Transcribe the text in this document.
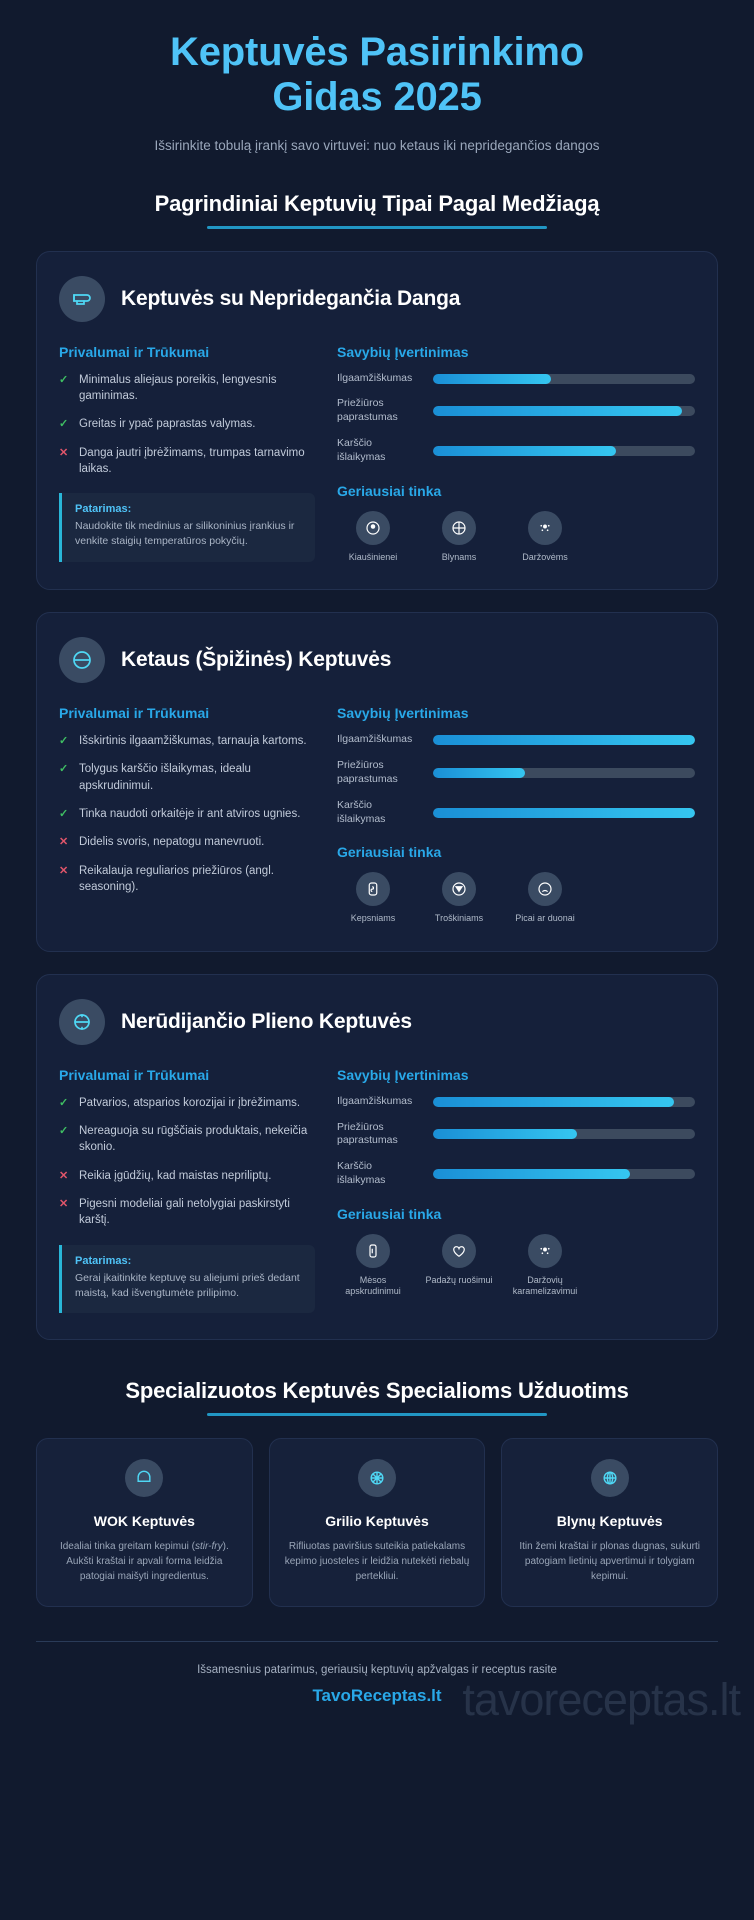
Keptuvės Pasirinkimo
Gidas 2025

Išsirinkite tobulą įrankį savo virtuvei: nuo ketaus iki nepridegančios dangos

Pagrindiniai Keptuvių Tipai Pagal Medžiagą
Keptuvės su Nepridegančia Danga
Privalumai ir Trūkumai
✓ Minimalus aliejaus poreikis, lengvesnis gaminimas.
✓ Greitas ir ypač paprastas valymas.
✕ Danga jautri įbrėžimams, trumpas tarnavimo laikas.
Patarimas:
Naudokite tik medinius ar silikoninius įrankius ir venkite staigių temperatūros pokyčių.
Savybių Įvertinimas
Ilgaamžiškumas
Priežiūros paprastumas
Karščio išlaikymas
Geriausiai tinka
Kiaušinienei	Blynams	Daržovėms
Ketaus (Špižinės) Keptuvės
Privalumai ir Trūkumai
✓ Išskirtinis ilgaamžiškumas, tarnauja kartoms.
✓ Tolygus karščio išlaikymas, idealu apskrudinimui.
✓ Tinka naudoti orkaitėje ir ant atviros ugnies.
✕ Didelis svoris, nepatogu manevruoti.
✕ Reikalauja reguliarios priežiūros (angl. seasoning).
Savybių Įvertinimas
Ilgaamžiškumas
Priežiūros paprastumas
Karščio išlaikymas
Geriausiai tinka
Kepsniams	Troškiniams	Picai ar duonai
Nerūdijančio Plieno Keptuvės
Privalumai ir Trūkumai
✓ Patvarios, atsparios korozijai ir įbrėžimams.
✓ Nereaguoja su rūgščiais produktais, nekeičia skonio.
✕ Reikia įgūdžių, kad maistas nepriliptų.
✕ Pigesni modeliai gali netolygiai paskirstyti karštį.
Patarimas:
Gerai įkaitinkite keptuvę su aliejumi prieš dedant maistą, kad išvengtumėte prilipimo.
Savybių Įvertinimas
Ilgaamžiškumas
Priežiūros paprastumas
Karščio išlaikymas
Geriausiai tinka
Mėsos apskrudinimui
Padažų ruošimui	Daržovių karamelizavimui
Specializuotos Keptuvės Specialioms Užduotims
WOK Keptuvės
Idealiai tinka greitam kepimui (stir-fry). Aukšti kraštai ir apvali forma leidžia patogiai maišyti ingredientus.
Grilio Keptuvės
Rifliuotas paviršius suteikia patiekalams kepimo juosteles ir leidžia nutekėti riebalų pertekliui.
Blynų Keptuvės
Itin žemi kraštai ir plonas dugnas, sukurti patogiam lietinių apvertimui ir tolygiam kepimui.
Išsamesnius patarimus, geriausių keptuvių apžvalgas ir receptus rasite
TavoReceptas.lt tavoreceptas.lt
